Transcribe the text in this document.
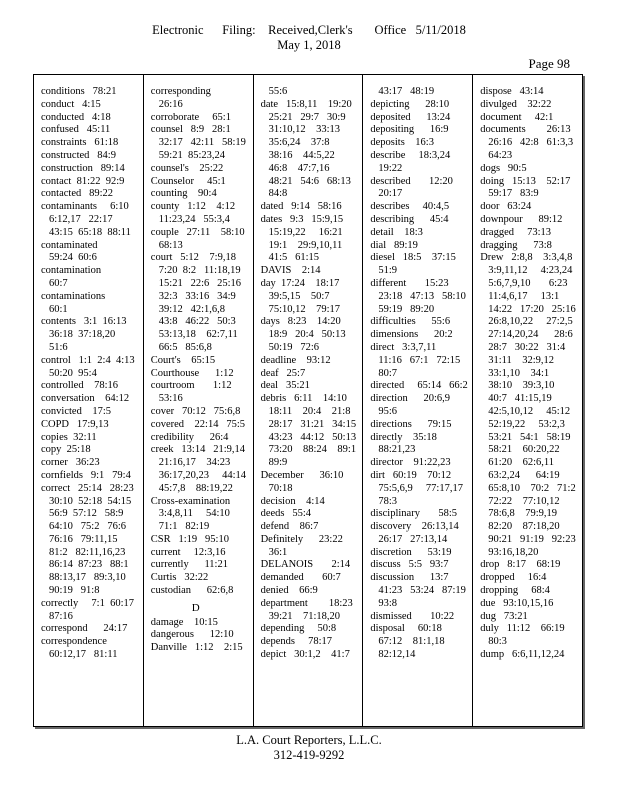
Electronic Filing: Received,Clerk's Office 5/11/2018
May 1, 2018
Page 98
conditions   78:21
conduct   4:15
conducted   4:18
confused   45:11
constraints   61:18
constructed   84:9
construction   89:14
contact  81:22  92:9
contacted   89:22
contaminants     6:10
6:12,17   22:17
43:15  65:18  88:11
contaminated
59:24  60:6
contamination
60:7
contaminations
60:1
contents   3:1  16:13
36:18  37:18,20
51:6
control   1:1  2:4  4:13
50:20  95:4
controlled    78:16
conversation    64:12
convicted    17:5
COPD   17:9,13
copies  32:11
copy  25:18
corner   36:23
cornfields   9:1   79:4
correct   25:14   28:23
30:10  52:18  54:15
56:9  57:12   58:9
64:10   75:2   76:6
76:16   79:11,15
81:2   82:11,16,23
86:14  87:23   88:1
88:13,17   89:3,10
90:19   91:8
correctly     7:1  60:17
87:16
correspond      24:17
correspondence
60:12,17   81:11
corresponding
26:16
corroborate     65:1
counsel   8:9   28:1
32:17   42:11   58:19
59:21  85:23,24
counsel's    25:22
Counselor     45:1
counting    90:4
county   1:12    4:12
11:23,24   55:3,4
couple   27:11    58:10
68:13
court   5:12    7:9,18
7:20  8:2   11:18,19
15:21   22:6   25:16
32:3   33:16   34:9
39:12   42:1,6,8
43:8   46:22   50:3
53:13,18    62:7,11
66:5   85:6,8
Court's    65:15
Courthouse      1:12
courtroom       1:12
53:16
cover   70:12   75:6,8
covered    22:14   75:5
credibility      26:4
creek   13:14   21:9,14
21:16,17    34:23
36:17,20,23     44:14
45:7,8    88:19,22
Cross-examination
3:4,8,11     54:10
71:1   82:19
CSR   1:19   95:10
current     12:3,16
currently      11:21
Curtis   32:22
custodian      62:6,8
D
damage    10:15
dangerous      12:10
Danville   1:12    2:15
55:6
date   15:8,11    19:20
25:21   29:7   30:9
31:10,12    33:13
35:6,24    37:8
38:16    44:5,22
46:8    47:7,16
48:21   54:6   68:13
84:8
dated   9:14   58:16
dates   9:3   15:9,15
15:19,22     16:21
19:1    29:9,10,11
41:5   61:15
DAVIS    2:14
day  17:24    18:17
39:5,15    50:7
75:10,12    79:17
days   8:23    14:20
18:9   20:4   50:13
50:19   72:6
deadline    93:12
deaf   25:7
deal   35:21
debris   6:11    14:10
18:11    20:4    21:8
28:17   31:21   34:15
43:23   44:12   50:13
73:20    88:24    89:1
89:9
December      36:10
70:18
decision    4:14
deeds   55:4
defend    86:7
Definitely      23:22
36:1
DELANOIS       2:14
demanded       60:7
denied    66:9
department        18:23
39:21    71:18,20
depending     50:8
depends     78:17
depict   30:1,2    41:7
43:17   48:19
depicting      28:10
deposited      13:24
depositing      16:9
deposits    16:3
describe     18:3,24
19:22
described       12:20
20:17
describes     40:4,5
describing      45:4
detail    18:3
dial   89:19
diesel   18:5    37:15
51:9
different       15:23
23:18   47:13   58:10
59:19   89:20
difficulties      55:6
dimensions      20:2
direct   3:3,7,11
11:16   67:1   72:15
80:7
directed     65:14   66:2
direction      20:6,9
95:6
directions      79:15
directly    35:18
88:21,23
director    91:22,23
dirt   60:19    70:12
75:5,6,9     77:17,17
78:3
disciplinary       58:5
discovery    26:13,14
26:17   27:13,14
discretion      53:19
discuss   5:5   93:7
discussion      13:7
41:23   53:24   87:19
93:8
dismissed       10:22
disposal     60:18
67:12    81:1,18
82:12,14
dispose   43:14
divulged    32:22
document     42:1
documents        26:13
26:16   42:8   61:3,3
64:23
dogs   90:5
doing   15:13    52:17
59:17   83:9
door   63:24
downpour      89:12
dragged     73:13
dragging      73:8
Drew   2:8,8    3:3,4,8
3:9,11,12     4:23,24
5:6,7,9,10       6:23
11:4,6,17     13:1
14:22   17:20   25:16
26:8,10,22     27:2,5
27:14,20,24      28:6
28:7   30:22   31:4
31:11    32:9,12
33:1,10    34:1
38:10    39:3,10
40:7   41:15,19
42:5,10,12     45:12
52:19,22     53:2,3
53:21   54:1   58:19
58:21    60:20,22
61:20    62:6,11
63:2,24      64:19
65:8,10    70:2   71:2
72:22    77:10,12
78:6,8    79:9,19
82:20    87:18,20
90:21   91:19   92:23
93:16,18,20
drop   8:17    68:19
dropped     16:4
dropping     68:4
due   93:10,15,16
dug   73:21
duly   11:12    66:19
80:3
dump   6:6,11,12,24
L.A. Court Reporters, L.L.C.
312-419-9292
